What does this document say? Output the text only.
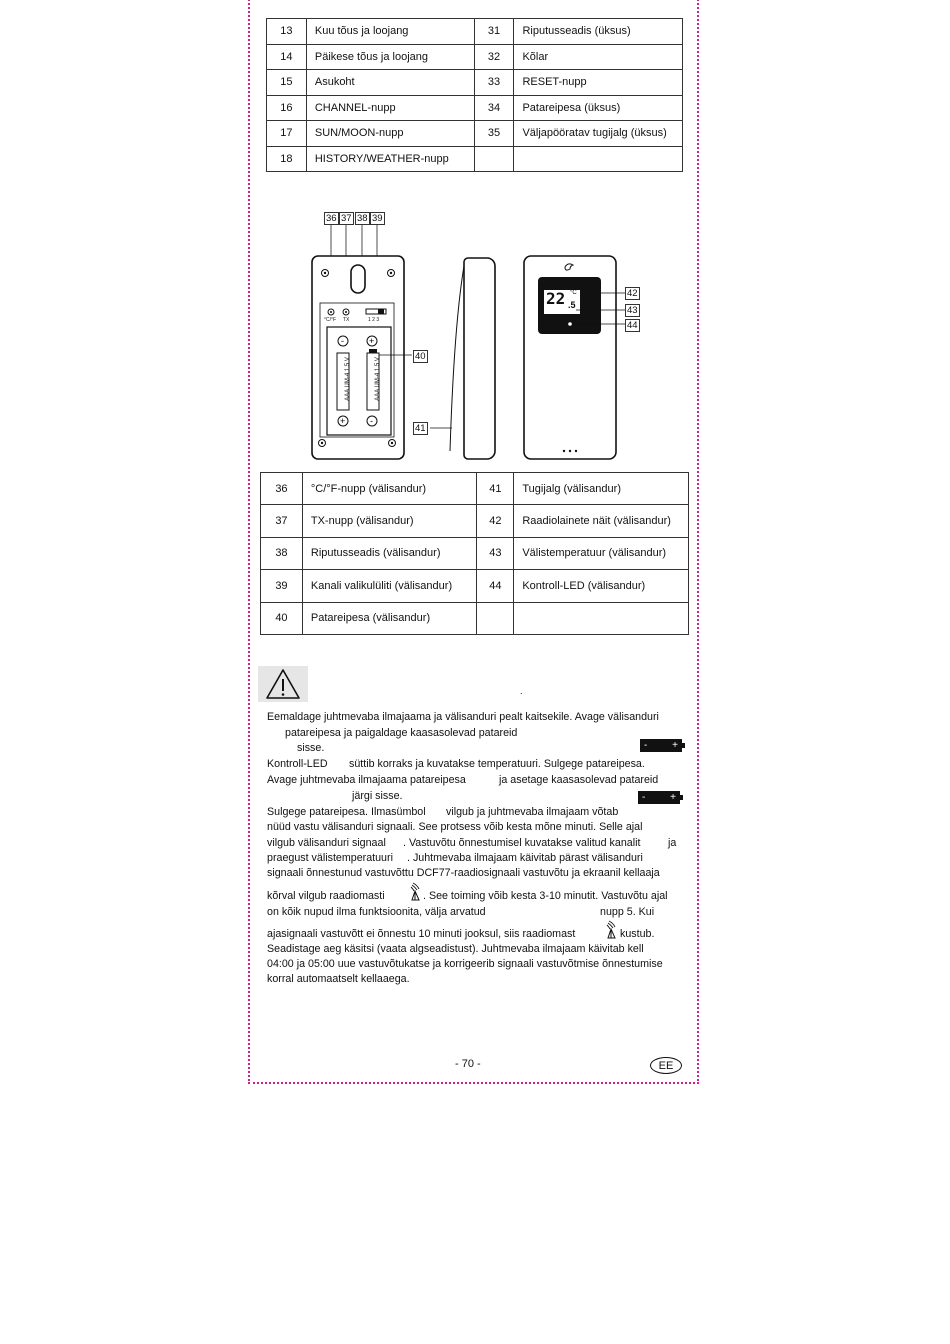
13	Kuu tõus ja loojang	31	Riputusseadis (üksus)
14	Päikese tõus ja loojang	32	Kõlar
15	Asukoht	33	RESET-nupp
16	CHANNEL-nupp	34	Patareipesa (üksus)
17	SUN/MOON-nupp	35	Väljapööratav tugijalg (üksus)
18	HISTORY/WEATHER-nupp		
-	+
+	-
36 37 38 39
40
41
42
43
44
°C/°F TX	1 2 3
AAA UM-4 1.5 V	AAA UM-4 1.5 V
22 .5
°C
36	°C/°F-nupp (välisandur)	41	Tugijalg (välisandur)
37	TX-nupp (välisandur)	42	Raadiolainete näit (välisandur)
38	Riputusseadis (välisandur)	43	Välistemperatuur (välisandur)
39	Kanali valikulüliti (välisandur)	44	Kontroll-LED (välisandur)
40	Patareipesa (välisandur)		
.
Eemaldage juhtmevaba ilmajaama ja välisanduri pealt kaitsekile. Avage välisanduri
patareipesa ja paigaldage kaasasolevad patareid
sisse.	- +
Kontroll-LED	süttib korraks ja kuvatakse temperatuuri. Sulgege patareipesa.
Avage juhtmevaba ilmajaama patareipesa	ja asetage kaasasolevad patareid
järgi sisse.	- +
Sulgege patareipesa. Ilmasümbol	vilgub ja juhtmevaba ilmajaam võtab
nüüd vastu välisanduri signaali. See protsess võib kesta mõne minuti. Selle ajal
vilgub välisanduri signaal	. Vastuvõtu õnnestumisel kuvatakse valitud kanalit	ja
praegust välistemperatuuri	. Juhtmevaba ilmajaam käivitab pärast välisanduri
signaali õnnestunud vastuvõttu DCF77-raadiosignaali vastuvõtu ja ekraanil kellaaja
kõrval vilgub raadiomasti	. See toiming võib kesta 3-10 minutit. Vastuvõtu ajal
on kõik nupud ilma funktsioonita, välja arvatud	nupp 5. Kui
ajasignaali vastuvõtt ei õnnestu 10 minuti jooksul, siis raadiomast	kustub.
Seadistage aeg käsitsi (vaata algseadistust). Juhtmevaba ilmajaam käivitab kell
04:00 ja 05:00 uue vastuvõtukatse ja korrigeerib signaali vastuvõtmise õnnestumise
korral automaatselt kellaaega.
- 70 -	EE
